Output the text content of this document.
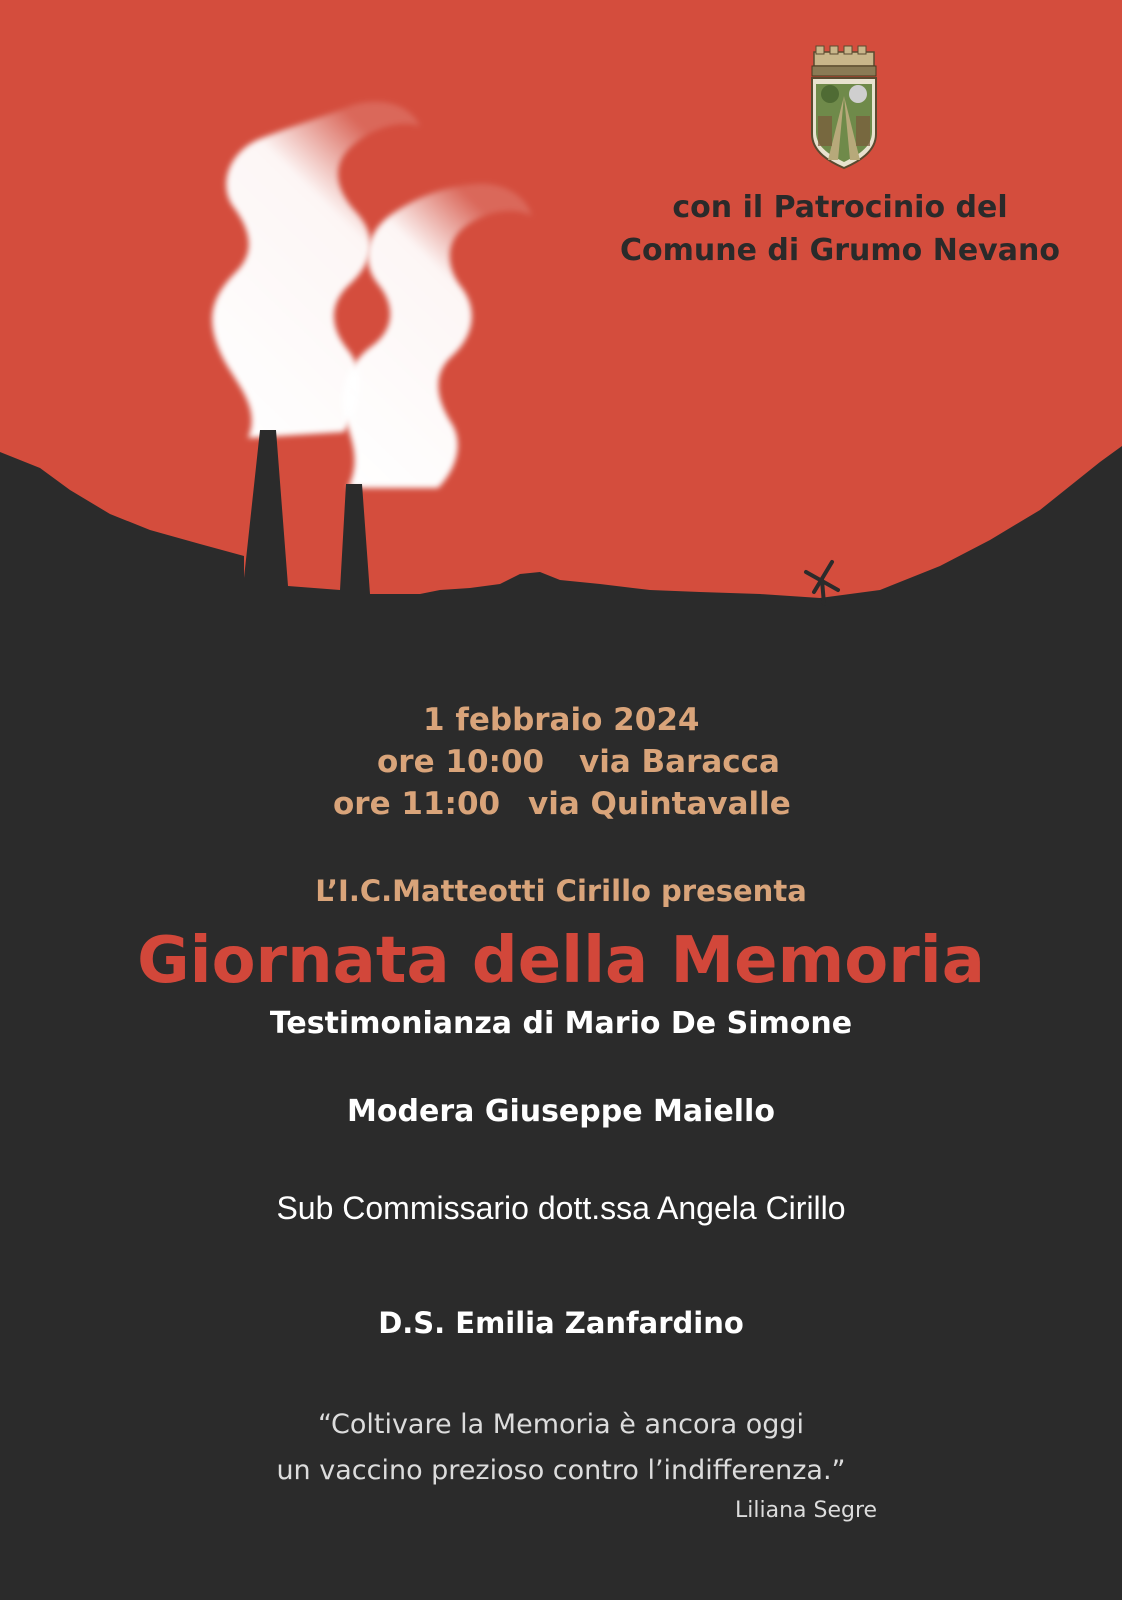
con il Patrocinio del
Comune di Grumo Nevano
1 febbraio 2024
ore 10:00 via Baracca
ore 11:00 via Quintavalle
L’I.C.Matteotti Cirillo presenta
Giornata della Memoria
Testimonianza di Mario De Simone
Modera Giuseppe Maiello
Sub Commissario dott.ssa Angela Cirillo
D.S. Emilia Zanfardino
“Coltivare la Memoria è ancora oggi
un vaccino prezioso contro l’indifferenza.”
Liliana Segre
